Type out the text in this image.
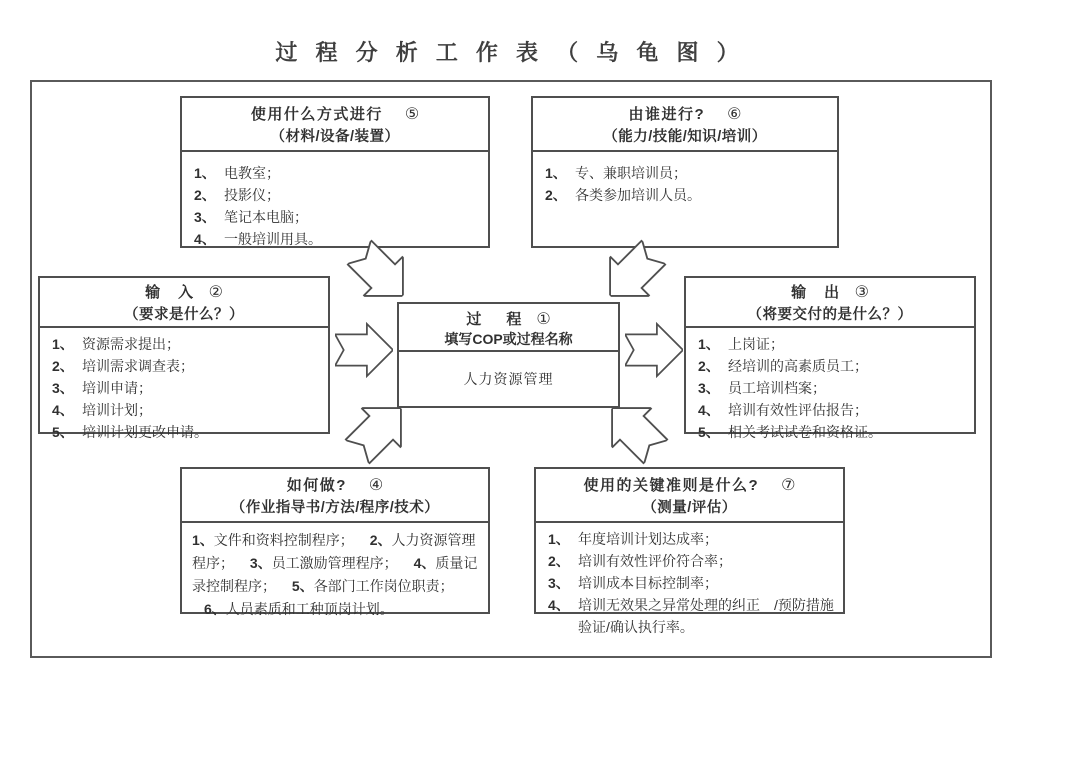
过 程 分 析 工 作 表 （ 乌 龟 图 ）
使用什么方式进行 ⑤
（材料/设备/装置）
1、 电教室；
2、 投影仪；
3、 笔记本电脑；
4、 一般培训用具。
由谁进行? ⑥
（能力/技能/知识/培训）
1、 专、兼职培训员；
2、 各类参加培训人员。
输　入 ②
（要求是什么？）
1、 资源需求提出；
2、 培训需求调查表；
3、 培训申请；
4、 培训计划；
5、 培训计划更改申请。
输　出 ③
（将要交付的是什么？）
1、 上岗证；
2、 经培训的高素质员工；
3、 员工培训档案；
4、 培训有效性评估报告；
5、 相关考试试卷和资格证。
过　程 ①
填写COP或过程名称
人力资源管理
如何做? ④
（作业指导书/方法/程序/技术）

1、文件和资料控制程序； 2、人力资源管理程序； 3、员工激励管理程序； 4、质量记录控制程序； 5、各部门工作岗位职责； 6、人员素质和工种顶岗计划。

使用的关键准则是什么? ⑦
（测量/评估）
1、 年度培训计划达成率；
2、 培训有效性评价符合率；
3、 培训成本目标控制率；
4、 培训无效果之异常处理的纠正　/预防措施验证/确认执行率。
